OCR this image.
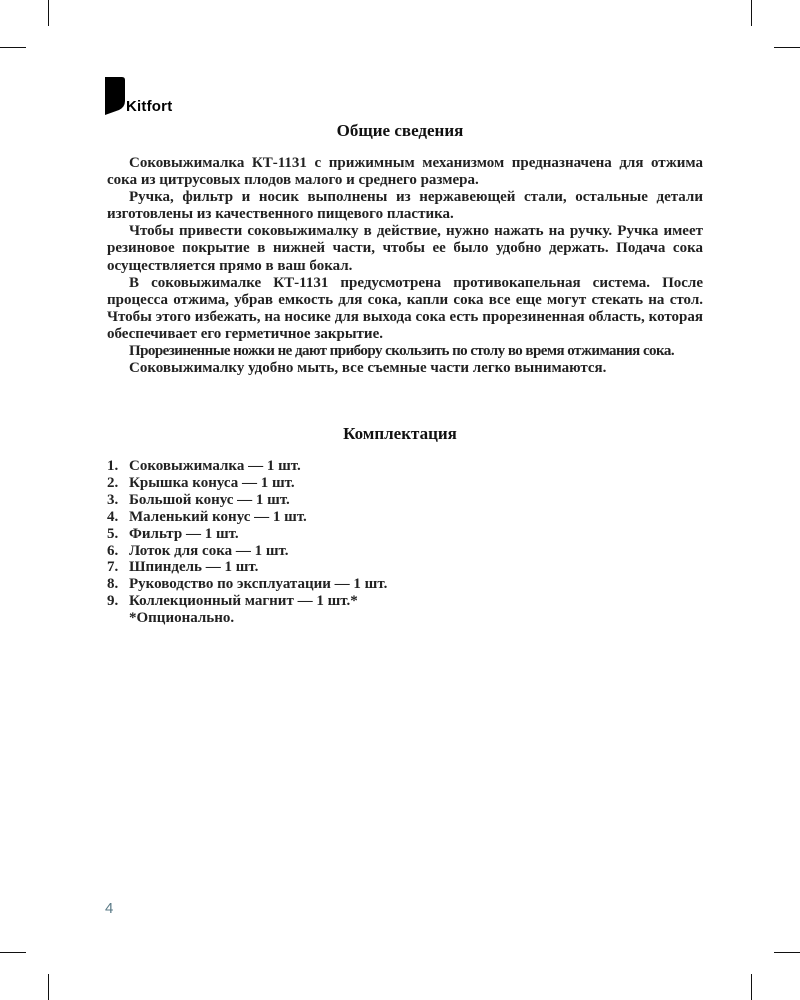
Kitfort
Общие сведения

Соковыжималка КТ-1131 с прижимным механизмом предназначена для отжима сока из цитрусовых плодов малого и среднего размера.

Ручка, фильтр и носик выполнены из нержавеющей стали, остальные детали изготовлены из качественного пищевого пластика.

Чтобы привести соковыжималку в действие, нужно нажать на ручку. Ручка имеет резиновое покрытие в нижней части, чтобы ее было удобно держать. Подача сока осуществляется прямо в ваш бокал.

В соковыжималке КТ-1131 предусмотрена противокапельная система. После процесса отжима, убрав емкость для сока, капли сока все еще могут стекать на стол. Чтобы этого избежать, на носике для выхода сока есть прорезиненная область, которая обеспечивает его герметичное закрытие.

Прорезиненные ножки не дают прибору скользить по столу во время отжимания сока.

Соковыжималку удобно мыть, все съемные части легко вынимаются.

Комплектация
1. Соковыжималка — 1 шт.
2. Крышка конуса — 1 шт.
3. Большой конус — 1 шт.
4. Маленький конус — 1 шт.
5. Фильтр — 1 шт.
6. Лоток для сока — 1 шт.
7. Шпиндель — 1 шт.
8. Руководство по эксплуатации — 1 шт.
9. Коллекционный магнит — 1 шт.*
*Опционально.
4
